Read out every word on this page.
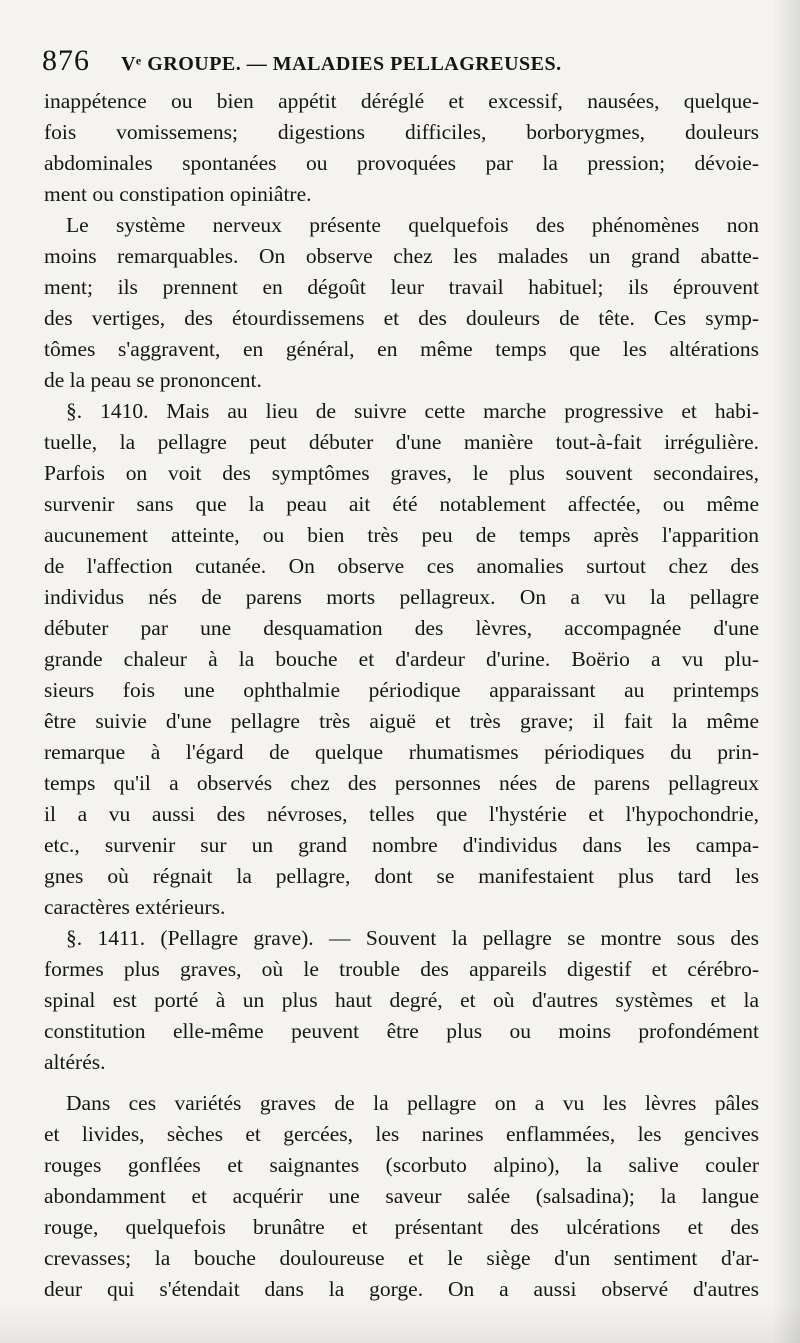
876 Vᵉ GROUPE. — MALADIES PELLAGREUSES.
inappétence ou bien appétit déréglé et excessif, nausées, quelque-
fois vomissemens; digestions difficiles, borborygmes, douleurs
abdominales spontanées ou provoquées par la pression; dévoie-
ment ou constipation opiniâtre.
Le système nerveux présente quelquefois des phénomènes non
moins remarquables. On observe chez les malades un grand abatte-
ment; ils prennent en dégoût leur travail habituel; ils éprouvent
des vertiges, des étourdissemens et des douleurs de tête. Ces symp-
tômes s'aggravent, en général, en même temps que les altérations
de la peau se prononcent.
§. 1410. Mais au lieu de suivre cette marche progressive et habi-
tuelle, la pellagre peut débuter d'une manière tout-à-fait irrégulière.
Parfois on voit des symptômes graves, le plus souvent secondaires,
survenir sans que la peau ait été notablement affectée, ou même
aucunement atteinte, ou bien très peu de temps après l'apparition
de l'affection cutanée. On observe ces anomalies surtout chez des
individus nés de parens morts pellagreux. On a vu la pellagre
débuter par une desquamation des lèvres, accompagnée d'une
grande chaleur à la bouche et d'ardeur d'urine. Boërio a vu plu-
sieurs fois une ophthalmie périodique apparaissant au printemps
être suivie d'une pellagre très aiguë et très grave; il fait la même
remarque à l'égard de quelque rhumatismes périodiques du prin-
temps qu'il a observés chez des personnes nées de parens pellagreux
il a vu aussi des névroses, telles que l'hystérie et l'hypochondrie,
etc., survenir sur un grand nombre d'individus dans les campa-
gnes où régnait la pellagre, dont se manifestaient plus tard les
caractères extérieurs.
§. 1411. (Pellagre grave). — Souvent la pellagre se montre sous des
formes plus graves, où le trouble des appareils digestif et cérébro-
spinal est porté à un plus haut degré, et où d'autres systèmes et la
constitution elle-même peuvent être plus ou moins profondément
altérés.
Dans ces variétés graves de la pellagre on a vu les lèvres pâles
et livides, sèches et gercées, les narines enflammées, les gencives
rouges gonflées et saignantes (scorbuto alpino), la salive couler
abondamment et acquérir une saveur salée (salsadina); la langue
rouge, quelquefois brunâtre et présentant des ulcérations et des
crevasses; la bouche douloureuse et le siège d'un sentiment d'ar-
deur qui s'étendait dans la gorge. On a aussi observé d'autres
